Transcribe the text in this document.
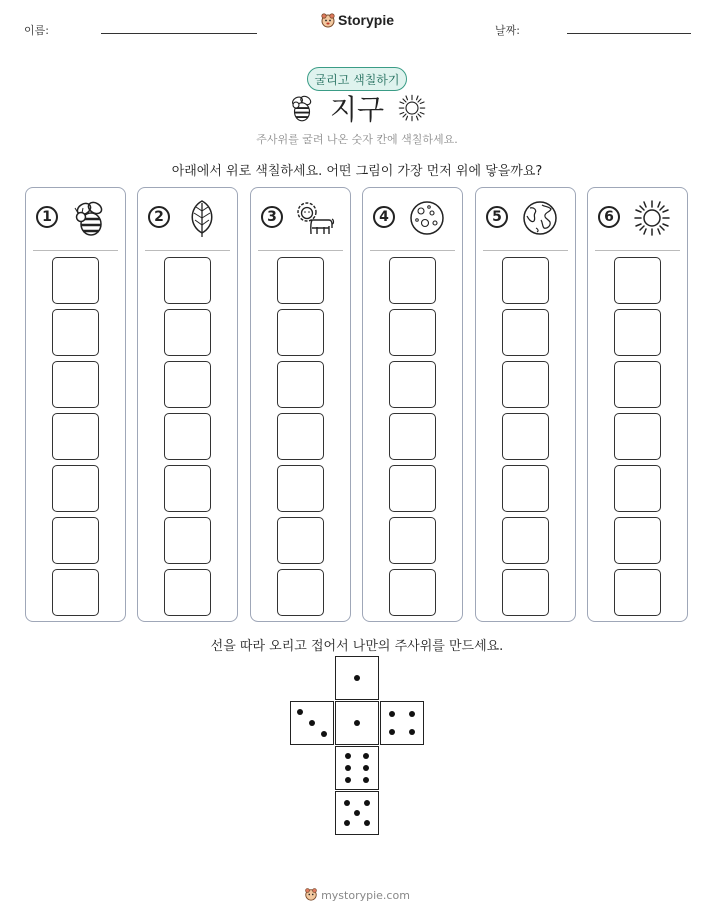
이름:
Storypie
날짜:
굴리고 색칠하기
지구
주사위를 굴려 나온 숫자 칸에 색칠하세요.
아래에서 위로 색칠하세요. 어떤 그림이 가장 먼저 위에 닿을까요?
1	2	3	4	5	6
선을 따라 오리고 접어서 나만의 주사위를 만드세요.
mystorypie.com
